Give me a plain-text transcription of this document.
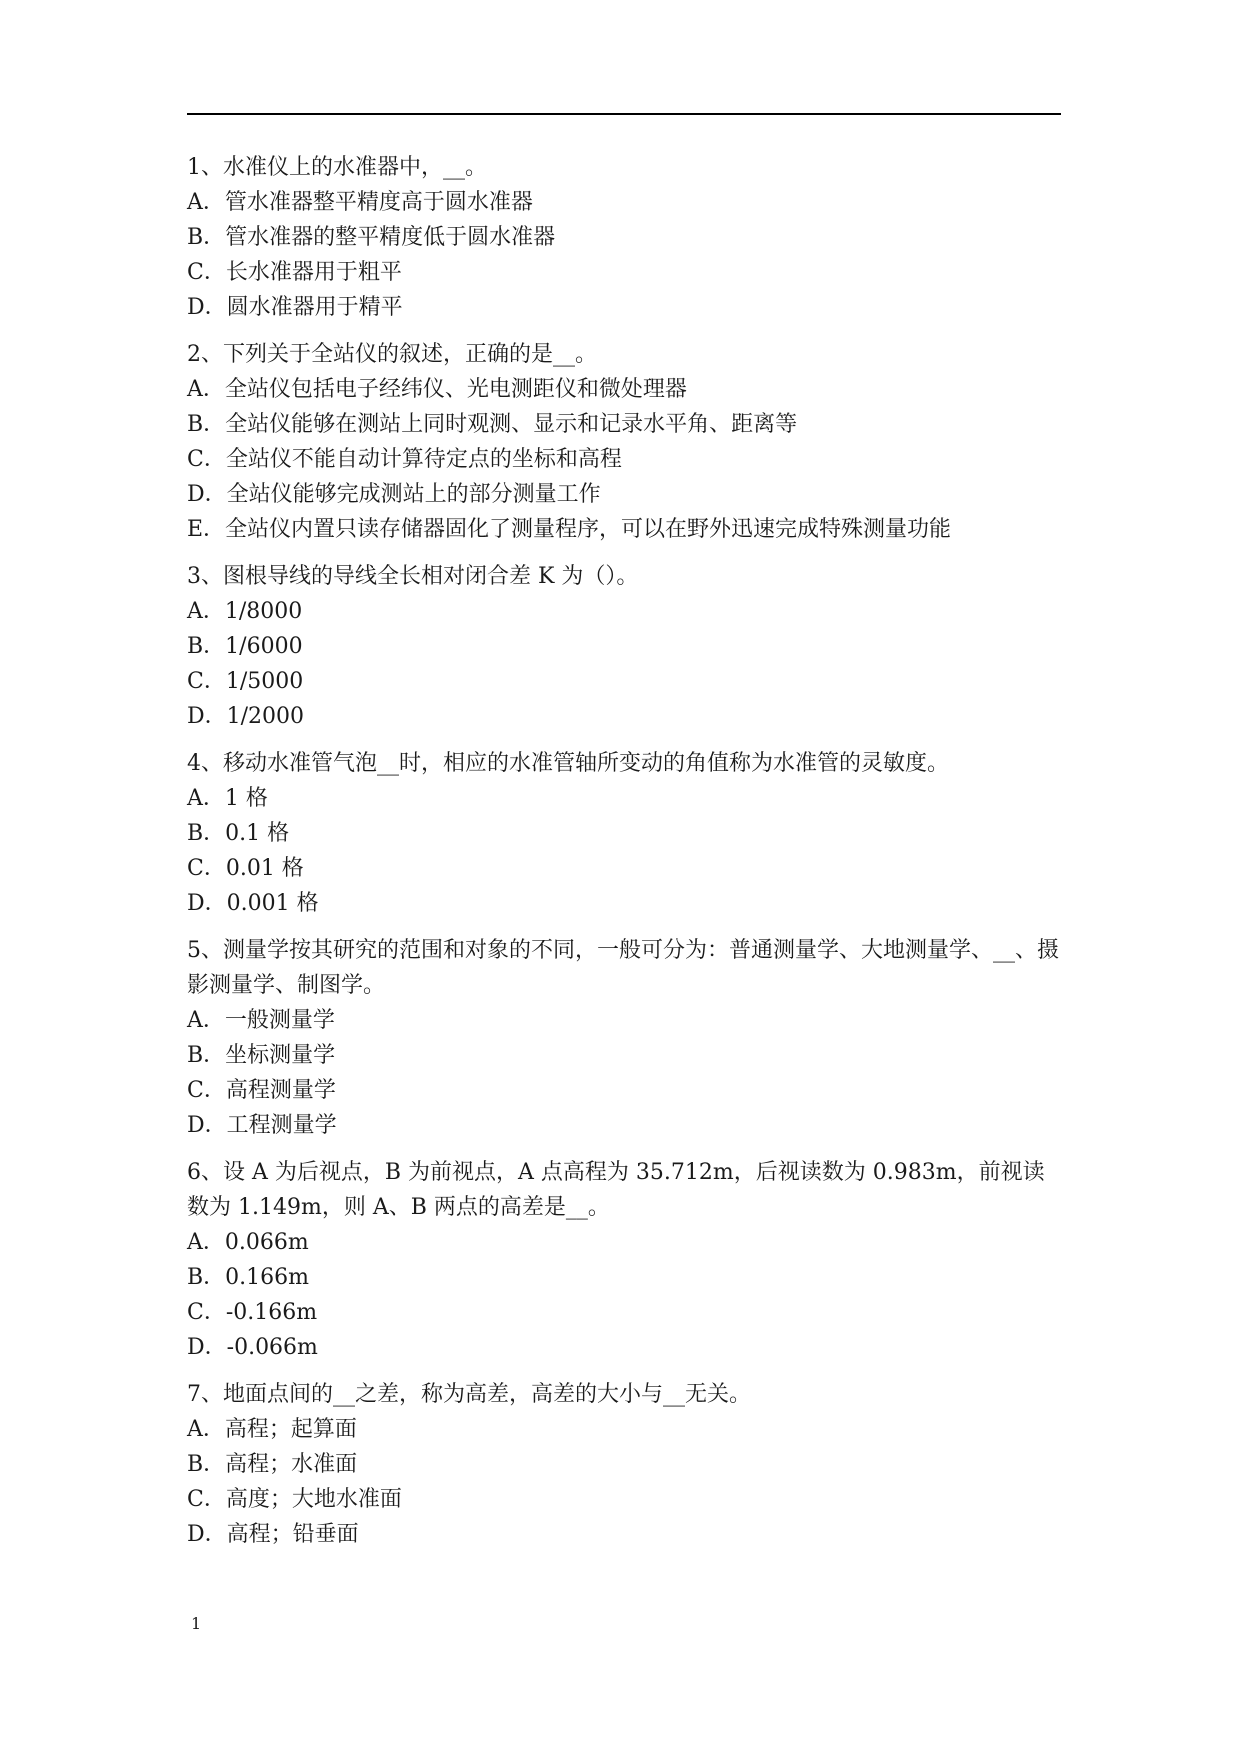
1、水准仪上的水准器中，__。

A．管水准器整平精度高于圆水准器

B．管水准器的整平精度低于圆水准器

C．长水准器用于粗平

D．圆水准器用于精平

2、下列关于全站仪的叙述，正确的是__。

A．全站仪包括电子经纬仪、光电测距仪和微处理器

B．全站仪能够在测站上同时观测、显示和记录水平角、距离等

C．全站仪不能自动计算待定点的坐标和高程

D．全站仪能够完成测站上的部分测量工作

E．全站仪内置只读存储器固化了测量程序，可以在野外迅速完成特殊测量功能

3、图根导线的导线全长相对闭合差 K 为（）。

A．1/8000

B．1/6000

C．1/5000

D．1/2000

4、移动水准管气泡__时，相应的水准管轴所变动的角值称为水准管的灵敏度。

A．1 格

B．0.1 格

C．0.01 格

D．0.001 格

5、测量学按其研究的范围和对象的不同，一般可分为：普通测量学、大地测量学、__、摄影测量学、制图学。

A．一般测量学

B．坐标测量学

C．高程测量学

D．工程测量学

6、设 A 为后视点，B 为前视点，A 点高程为 35.712m，后视读数为 0.983m，前视读数为 1.149m，则 A、B 两点的高差是__。

A．0.066m

B．0.166m

C．-0.166m

D．-0.066m

7、地面点间的__之差，称为高差，高差的大小与__无关。

A．高程；起算面

B．高程；水准面

C．高度；大地水准面

D．高程；铅垂面

1
